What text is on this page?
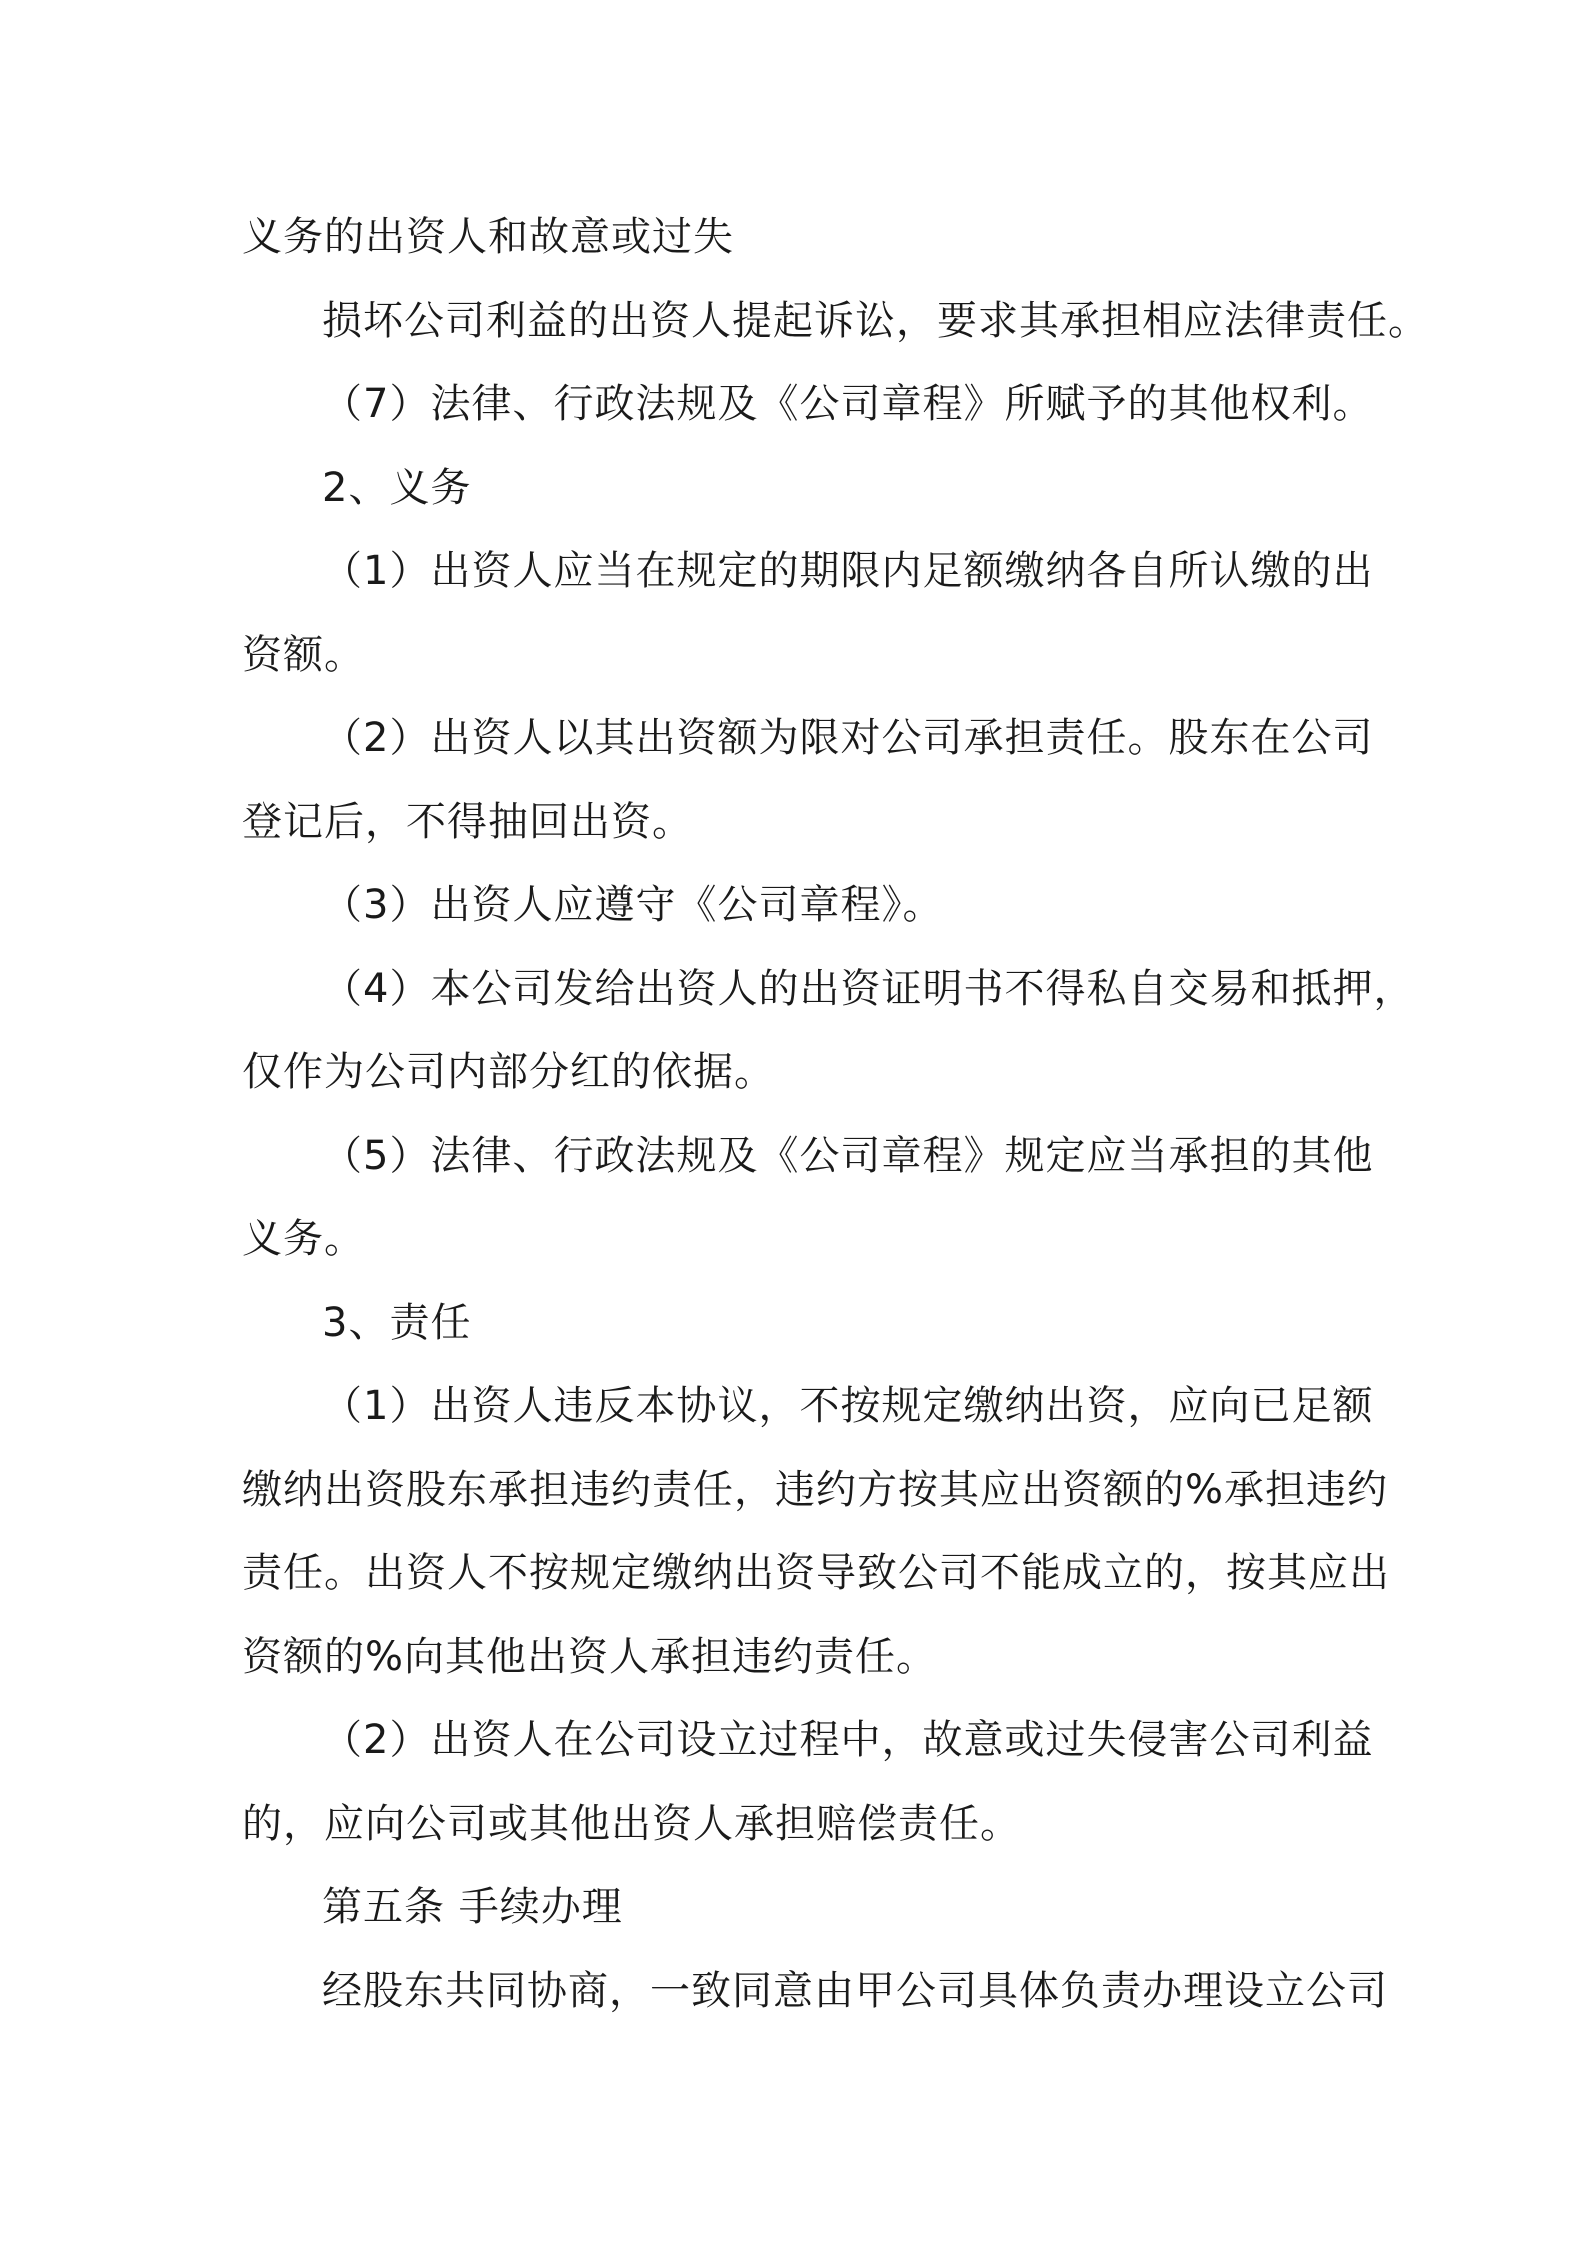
义务的出资人和故意或过失
损坏公司利益的出资人提起诉讼，要求其承担相应法律责任。
（7）法律、行政法规及《公司章程》所赋予的其他权利。
2、义务
（1）出资人应当在规定的期限内足额缴纳各自所认缴的出
资额。
（2）出资人以其出资额为限对公司承担责任。股东在公司
登记后，不得抽回出资。
（3）出资人应遵守《公司章程》。
（4）本公司发给出资人的出资证明书不得私自交易和抵押，
仅作为公司内部分红的依据。
（5）法律、行政法规及《公司章程》规定应当承担的其他
义务。
3、责任
（1）出资人违反本协议，不按规定缴纳出资，应向已足额
缴纳出资股东承担违约责任，违约方按其应出资额的%承担违约
责任。出资人不按规定缴纳出资导致公司不能成立的，按其应出
资额的%向其他出资人承担违约责任。
（2）出资人在公司设立过程中，故意或过失侵害公司利益
的，应向公司或其他出资人承担赔偿责任。
第五条 手续办理
经股东共同协商，一致同意由甲公司具体负责办理设立公司
